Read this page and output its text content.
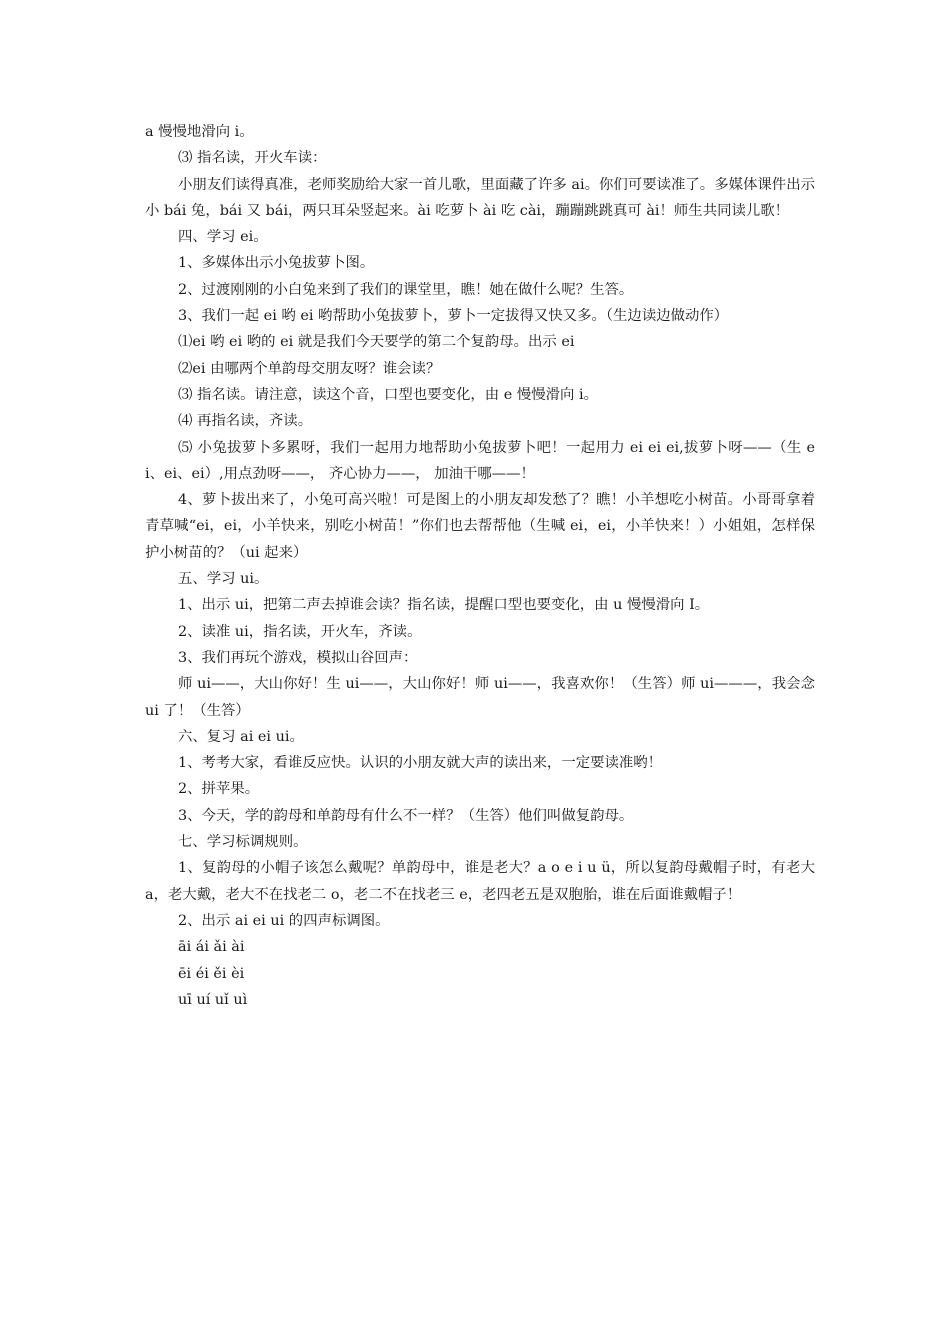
a 慢慢地滑向 i。

⑶ 指名读，开火车读：

小朋友们读得真准，老师奖励给大家一首儿歌，里面藏了许多 ai。你们可要读准了。多媒体课件出示 小 bái 兔，bái 又 bái，两只耳朵竖起来。ài 吃萝卜 ài 吃 cài，蹦蹦跳跳真可 ài！师生共同读儿歌！

四、学习 ei。

1、多媒体出示小兔拔萝卜图。

2、过渡刚刚的小白兔来到了我们的课堂里，瞧！她在做什么呢？生答。

3、我们一起 ei 哟 ei 哟帮助小兔拔萝卜，萝卜一定拔得又快又多。（生边读边做动作）

⑴ei 哟 ei 哟的 ei 就是我们今天要学的第二个复韵母。出示 ei

⑵ei 由哪两个单韵母交朋友呀？谁会读？

⑶ 指名读。请注意，读这个音，口型也要变化，由 e 慢慢滑向 i。

⑷ 再指名读，齐读。

⑸ 小兔拔萝卜多累呀，我们一起用力地帮助小兔拔萝卜吧！一起用力 ei ei ei,拔萝卜呀——（生 ei、ei、ei）,用点劲呀——， 齐心协力——， 加油干哪——！

4、萝卜拔出来了，小兔可高兴啦！可是图上的小朋友却发愁了？瞧！小羊想吃小树苗。小哥哥拿着青草喊“ei，ei，小羊快来，别吃小树苗！”你们也去帮帮他（生喊 ei，ei，小羊快来！）小姐姐，怎样保护小树苗的？（ui 起来）

五、学习 ui。

1、出示 ui，把第二声去掉谁会读？指名读，提醒口型也要变化，由 u 慢慢滑向 I。

2、读准 ui，指名读，开火车，齐读。

3、我们再玩个游戏，模拟山谷回声：

师 ui——，大山你好！生 ui——，大山你好！师 ui——，我喜欢你！（生答）师 ui———，我会念 ui 了！（生答）

六、复习 ai ei ui。

1、考考大家，看谁反应快。认识的小朋友就大声的读出来，一定要读准哟！

2、拼苹果。

3、今天，学的韵母和单韵母有什么不一样？（生答）他们叫做复韵母。

七、学习标调规则。

1、复韵母的小帽子该怎么戴呢？单韵母中，谁是老大？a o e i u ü，所以复韵母戴帽子时，有老大 a，老大戴，老大不在找老二 o，老二不在找老三 e，老四老五是双胞胎，谁在后面谁戴帽子！

2、出示 ai ei ui 的四声标调图。

āi ái ǎi ài

ēi éi ěi èi

uī uí uǐ uì
